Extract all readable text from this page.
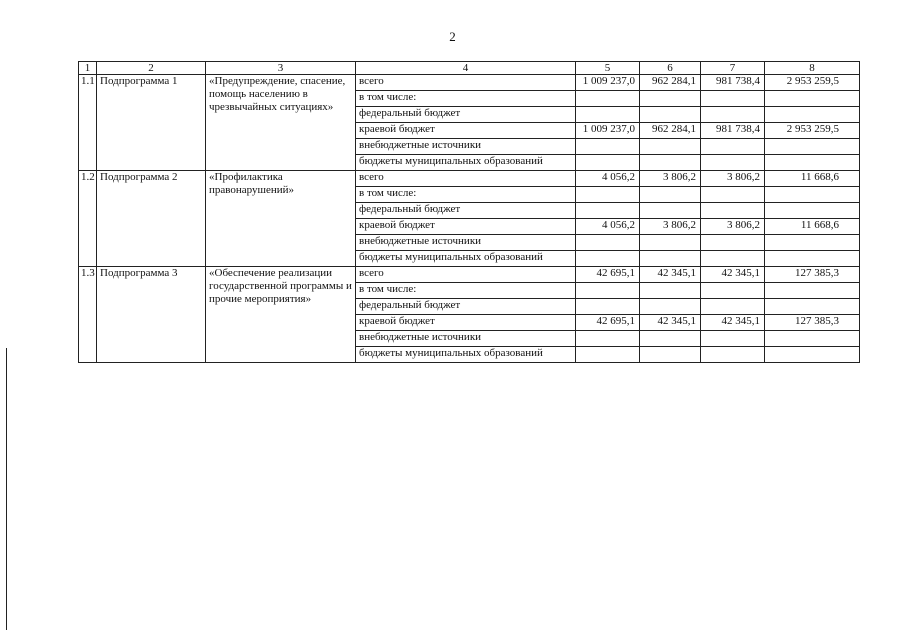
2
1	2	3	4	5	6	7	8
1.1	Подпрограмма 1	«Предупреждение, спасение, помощь населению в чрезвычайных ситуациях»	всего	1 009 237,0	962 284,1	981 738,4	2 953 259,5
			в том числе:				
			федеральный бюджет				
			краевой бюджет	1 009 237,0	962 284,1	981 738,4	2 953 259,5
			внебюджетные источники				
			бюджеты муниципальных образований				
1.2	Подпрограмма 2	«Профилактика правонарушений»	всего	4 056,2	3 806,2	3 806,2	11 668,6
			в том числе:				
			федеральный бюджет				
			краевой бюджет	4 056,2	3 806,2	3 806,2	11 668,6
			внебюджетные источники				
			бюджеты муниципальных образований				
1.3	Подпрограмма 3	«Обеспечение реализации государственной программы и прочие мероприятия»	всего	42 695,1	42 345,1	42 345,1	127 385,3
			в том числе:				
			федеральный бюджет				
			краевой бюджет	42 695,1	42 345,1	42 345,1	127 385,3
			внебюджетные источники				
			бюджеты муниципальных образований				
